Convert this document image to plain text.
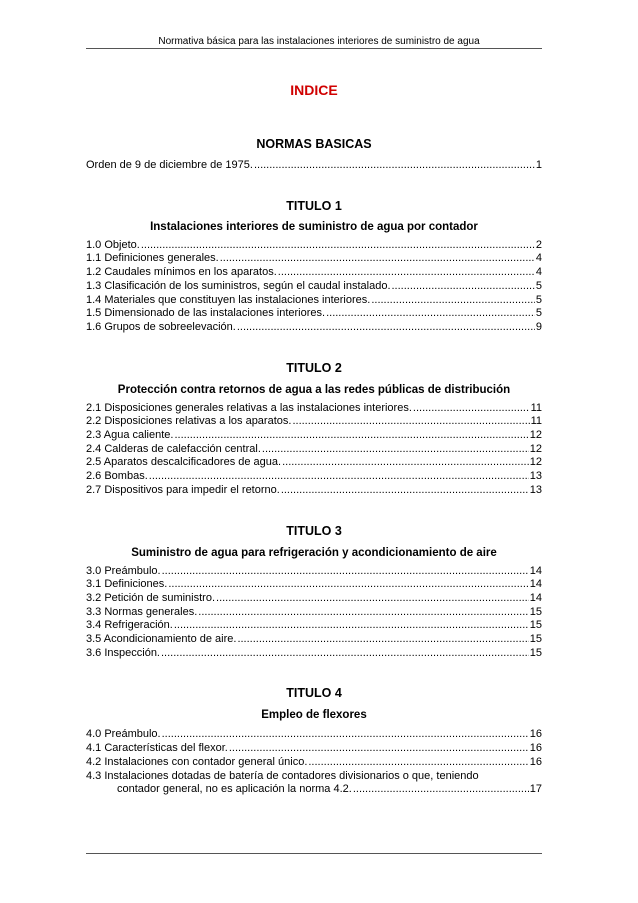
Normativa básica para las instalaciones interiores de suministro de agua
INDICE
NORMAS BASICAS
Orden de 9 de diciembre de 1975. .....	1
TITULO 1
Instalaciones interiores de suministro de agua por contador
1.0 Objeto. .....	2
1.1 Definiciones generales. .....	4
1.2 Caudales mínimos en los aparatos. .....	4
1.3 Clasificación de los suministros, según el caudal instalado. .....	5
1.4 Materiales que constituyen las instalaciones interiores. .....	5
1.5 Dimensionado de las instalaciones interiores. .....	5
1.6 Grupos de sobreelevación. .....	9
TITULO 2
Protección contra retornos de agua a las redes públicas de distribución
2.1 Disposiciones generales relativas a las instalaciones interiores. .....	11
2.2 Disposiciones relativas a los aparatos. .....	11
2.3 Agua caliente. .....	12
2.4 Calderas de calefacción central. .....	12
2.5 Aparatos descalcificadores de agua. .....	12
2.6 Bombas. .....	13
2.7 Dispositivos para impedir el retorno. .....	13
TITULO 3
Suministro de agua para refrigeración y acondicionamiento de aire
3.0 Preámbulo. .....	14
3.1 Definiciones. .....	14
3.2 Petición de suministro. .....	14
3.3 Normas generales. .....	15
3.4 Refrigeración. .....	15
3.5 Acondicionamiento de aire. .....	15
3.6 Inspección. .....	15
TITULO 4
Empleo de flexores
4.0 Preámbulo. .....	16
4.1 Características del flexor. .....	16
4.2 Instalaciones con contador general único. .....	16
4.3 Instalaciones dotadas de batería de contadores divisionarios o que, teniendo
contador general, no es aplicación la norma 4.2. .....	17
